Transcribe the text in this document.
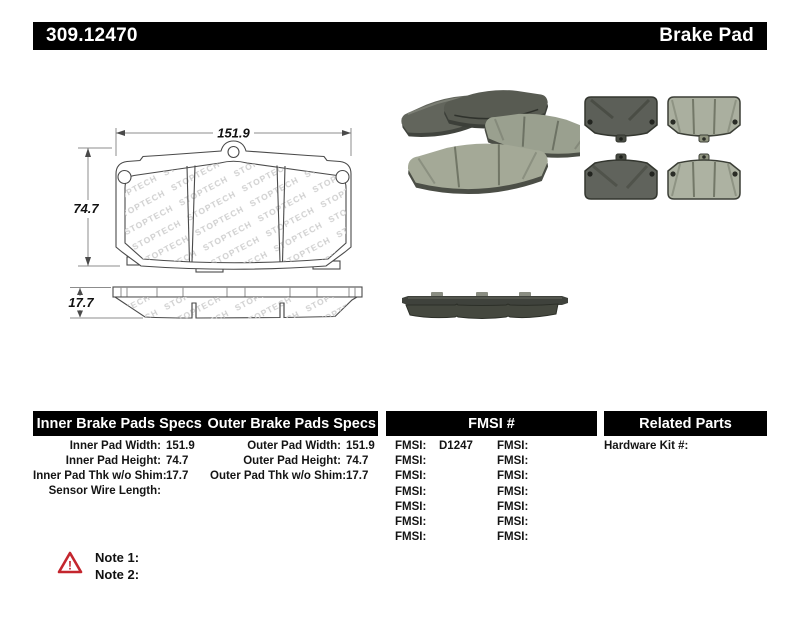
309.12470	Brake Pad
151.9
74.7
17.7
Inner Brake Pads Specs Outer Brake Pads Specs	FMSI #	Related Parts
Inner Pad Width: 151.9
Inner Pad Height: 74.7
Inner Pad Thk w/o Shim: 17.7
Sensor Wire Length:
Outer Pad Width: 151.9
Outer Pad Height: 74.7
Outer Pad Thk w/o Shim: 17.7
FMSI:	D1247
FMSI:
FMSI:
FMSI:
FMSI:
FMSI:
FMSI:
FMSI:
FMSI:
FMSI:
FMSI:
FMSI:
FMSI:
FMSI:
Hardware Kit #:
!
Note 1:
Note 2:
